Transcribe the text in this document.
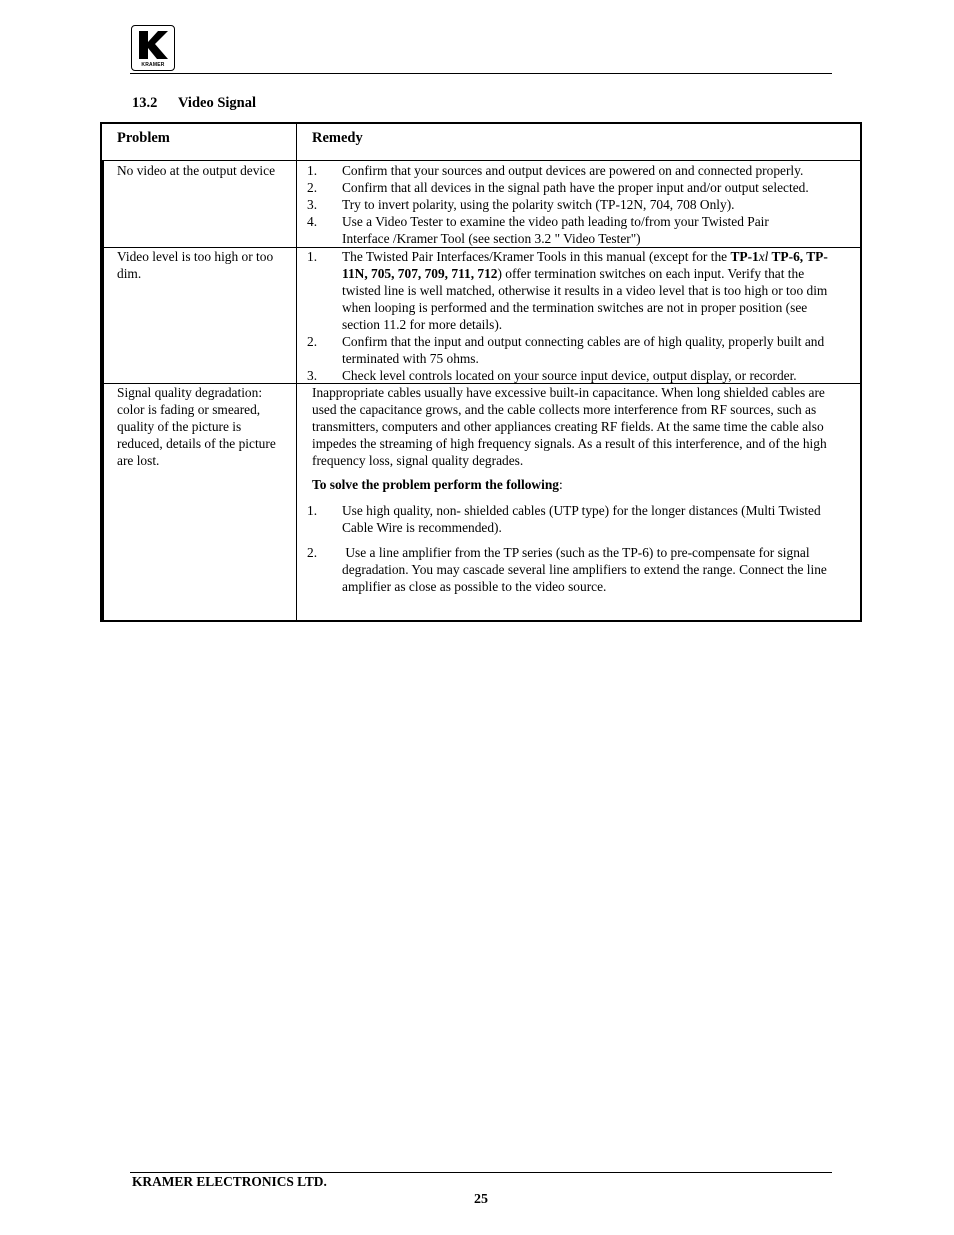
KRAMER
13.2 Video Signal
Problem	Remedy
No video at the output device	1. Confirm that your sources and output devices are powered on and connected properly.
2. Confirm that all devices in the signal path have the proper input and/or output selected.
3. Try to invert polarity, using the polarity switch (TP-12N, 704, 708 Only).
4. Use a Video Tester to examine the video path leading to/from your Twisted Pair Interface /Kramer Tool (see section 3.2 " Video Tester")
Video level is too high or too dim.
1. The Twisted Pair Interfaces/Kramer Tools in this manual (except for the TP-1xl TP-6, TP-11N, 705, 707, 709, 711, 712) offer termination switches on each input. Verify that the twisted line is well matched, otherwise it results in a video level that is too high or too dim when looping is performed and the termination switches are not in proper position (see section 11.2 for more details).
2. Confirm that the input and output connecting cables are of high quality, properly built and terminated with 75 ohms.
3. Check level controls located on your source input device, output display, or recorder.
Signal quality degradation: color is fading or smeared, quality of the picture is reduced, details of the picture are lost.
Inappropriate cables usually have excessive built-in capacitance. When long shielded cables are used the capacitance grows, and the cable collects more interference from RF sources, such as transmitters, computers and other appliances creating RF fields. At the same time the cable also impedes the streaming of high frequency signals. As a result of this interference, and of the high frequency loss, signal quality degrades.
To solve the problem perform the following:
1. Use high quality, non- shielded cables (UTP type) for the longer distances (Multi Twisted Cable Wire is recommended).
2. Use a line amplifier from the TP series (such as the TP-6) to pre-compensate for signal degradation. You may cascade several line amplifiers to extend the range. Connect the line amplifier as close as possible to the video source.
KRAMER ELECTRONICS LTD.
25
